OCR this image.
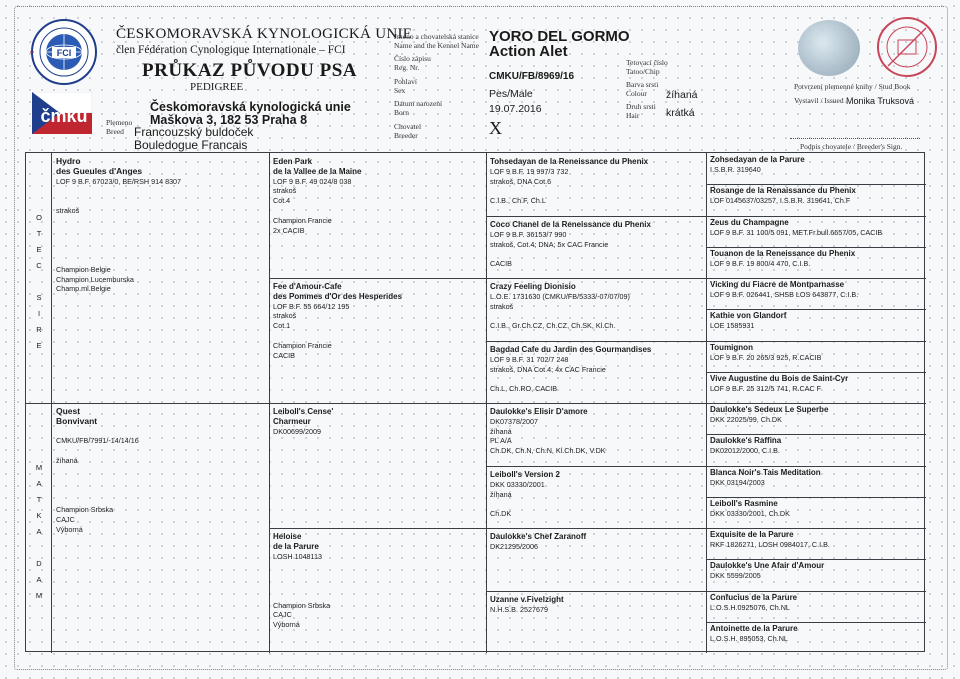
FCI
čmku
ČESKOMORAVSKÁ KYNOLOGICKÁ UNIE
člen Fédération Cynologique Internationale – FCI
PRŮKAZ PŮVODU PSA
PEDIGREE
Českomoravská kynologická unie
Maškova 3, 182 53 Praha 8
Plemeno
Breed Francouzský buldoček
Bouledogue Francais
Jméno a chovatelská stanice
Name and the Kennel Name
Číslo zápisu
Reg. Nr.
Pohlaví
Sex
Datum narození
Born
Chovatel
Breeder
Tetovací číslo
Tatoo/Chip
Barva srsti
Colour
Druh srsti
Hair
Potvrzení plemenné knihy / Stud Book
Vystavil / Issued
Podpis chovatele / Breeder's Sign.
YORO DEL GORMO
Action Alet
CMKU/FB/8969/16
Pes/Male
19.07.2016
X
žíhaná
krátká
Monika Truksová
O
T
E
C
S
I
R
E
M
A
T
K
A
D
A
M
Hydro
des Gueules d'Anges
LOF 9 B.F. 67023/0, BE/RSH 914 8307

strakoš

Champion Belgie
Champion Lucemburska
Champ.ml.Belgie
Quest
Bonvivant

CMKU/FB/7991/-14/14/16

žíhaná

Champion Srbska
CAJC
Výborná
Eden Park
de la Vallee de la Maine
LOF 9 B.F. 49 024/8 038
strakoš
Cot.4

Champion Francie
2x CACIB
Fee d'Amour-Cafe
des Pommes d'Or des Hesperides
LOF B.F. 55 664/12 195
strakoš
Cot.1

Champion Francie
CACIB
Leiboll's Cense'
Charmeur
DK00699/2009
Heloise
de la Parure
LOSH 1048113

Champion Srbska
CAJC
Výborná
Tohsedayan de la Reneissance du Phenix
LOF 9 B.F. 19 997/3 732
strakoš, DNA Cot.6

C.I.B., Ch.F, Ch.L
Coco Chanel de la Reneissance du Phenix
LOF 9 B.F. 36153/7 990
strakoš, Cot.4; DNA; 5x CAC Francie

CACIB
Crazy Feeling Dionisio
L.O.E. 1731630 (CMKU/FB/5333/-07/07/09)
strakoš

C.I.B., Gr.Ch.CZ, Ch.CZ, Ch.SK, Kl.Ch.
Bagdad Cafe du Jardin des Gourmandises
LOF 9 B.F. 31 702/7 248
strakoš, DNA Cot.4; 4x CAC Francie

Ch.L, Ch.RO, CACIB
Daulokke's Elisir D'amore
DK07378/2007
žíhaná
PL A/A
Ch.DK, Ch.N, Ch.N, Kl.Ch.DK, V.DK
Leiboll's Version 2
DKK 03330/2001
žíhaná

Ch.DK
Daulokke's Chef Zaranoff
DK21295/2006
Uzanne v.Fivelzight
N.H.S.B. 2527679
Zohsedayan de la Parure
I.S.B.R. 319640
Rosange de la Renaissance du Phenix
LOF 0145637/03257, I.S.B.R. 319641, Ch.F
Zeus du Champagne
LOF 9 B.F. 31 100/5 091, MET.Fr.bull.6657/05, CACIB
Touanon de la Reneissance du Phenix
LOF 9 B.F. 19 800/4 470, C.I.B.
Vicking du Fiacre de Montparnasse
LOF 9 B.F. 026441, SHSB LOS 643877, C.I.B.
Kathie von Glandorf
LOE 1585931
Toumignon
LOF 9 B.F. 20 265/3 925, R.CACIB
Vive Augustine du Bois de Saint-Cyr
LOF 9 B.F. 25 312/5 741, R.CAC F
Daulokke's Sedeux Le Superbe
DKK 22025/99, Ch.DK
Daulokke's Raffina
DK02012/2000, C.I.B.
Blanca Noir's Tais Meditation
DKK 03194/2003
Leiboll's Rasmine
DKK 03330/2001, Ch.DK
Exquisite de la Parure
RKF 1826271, LOSH 0984017, C.I.B.
Daulokke's Une Afair d'Amour
DKK 5599/2005
Confucius de la Parure
L.O.S.H.0925076, Ch.NL
Antoinette de la Parure
L.O.S.H. 895053, Ch.NL
